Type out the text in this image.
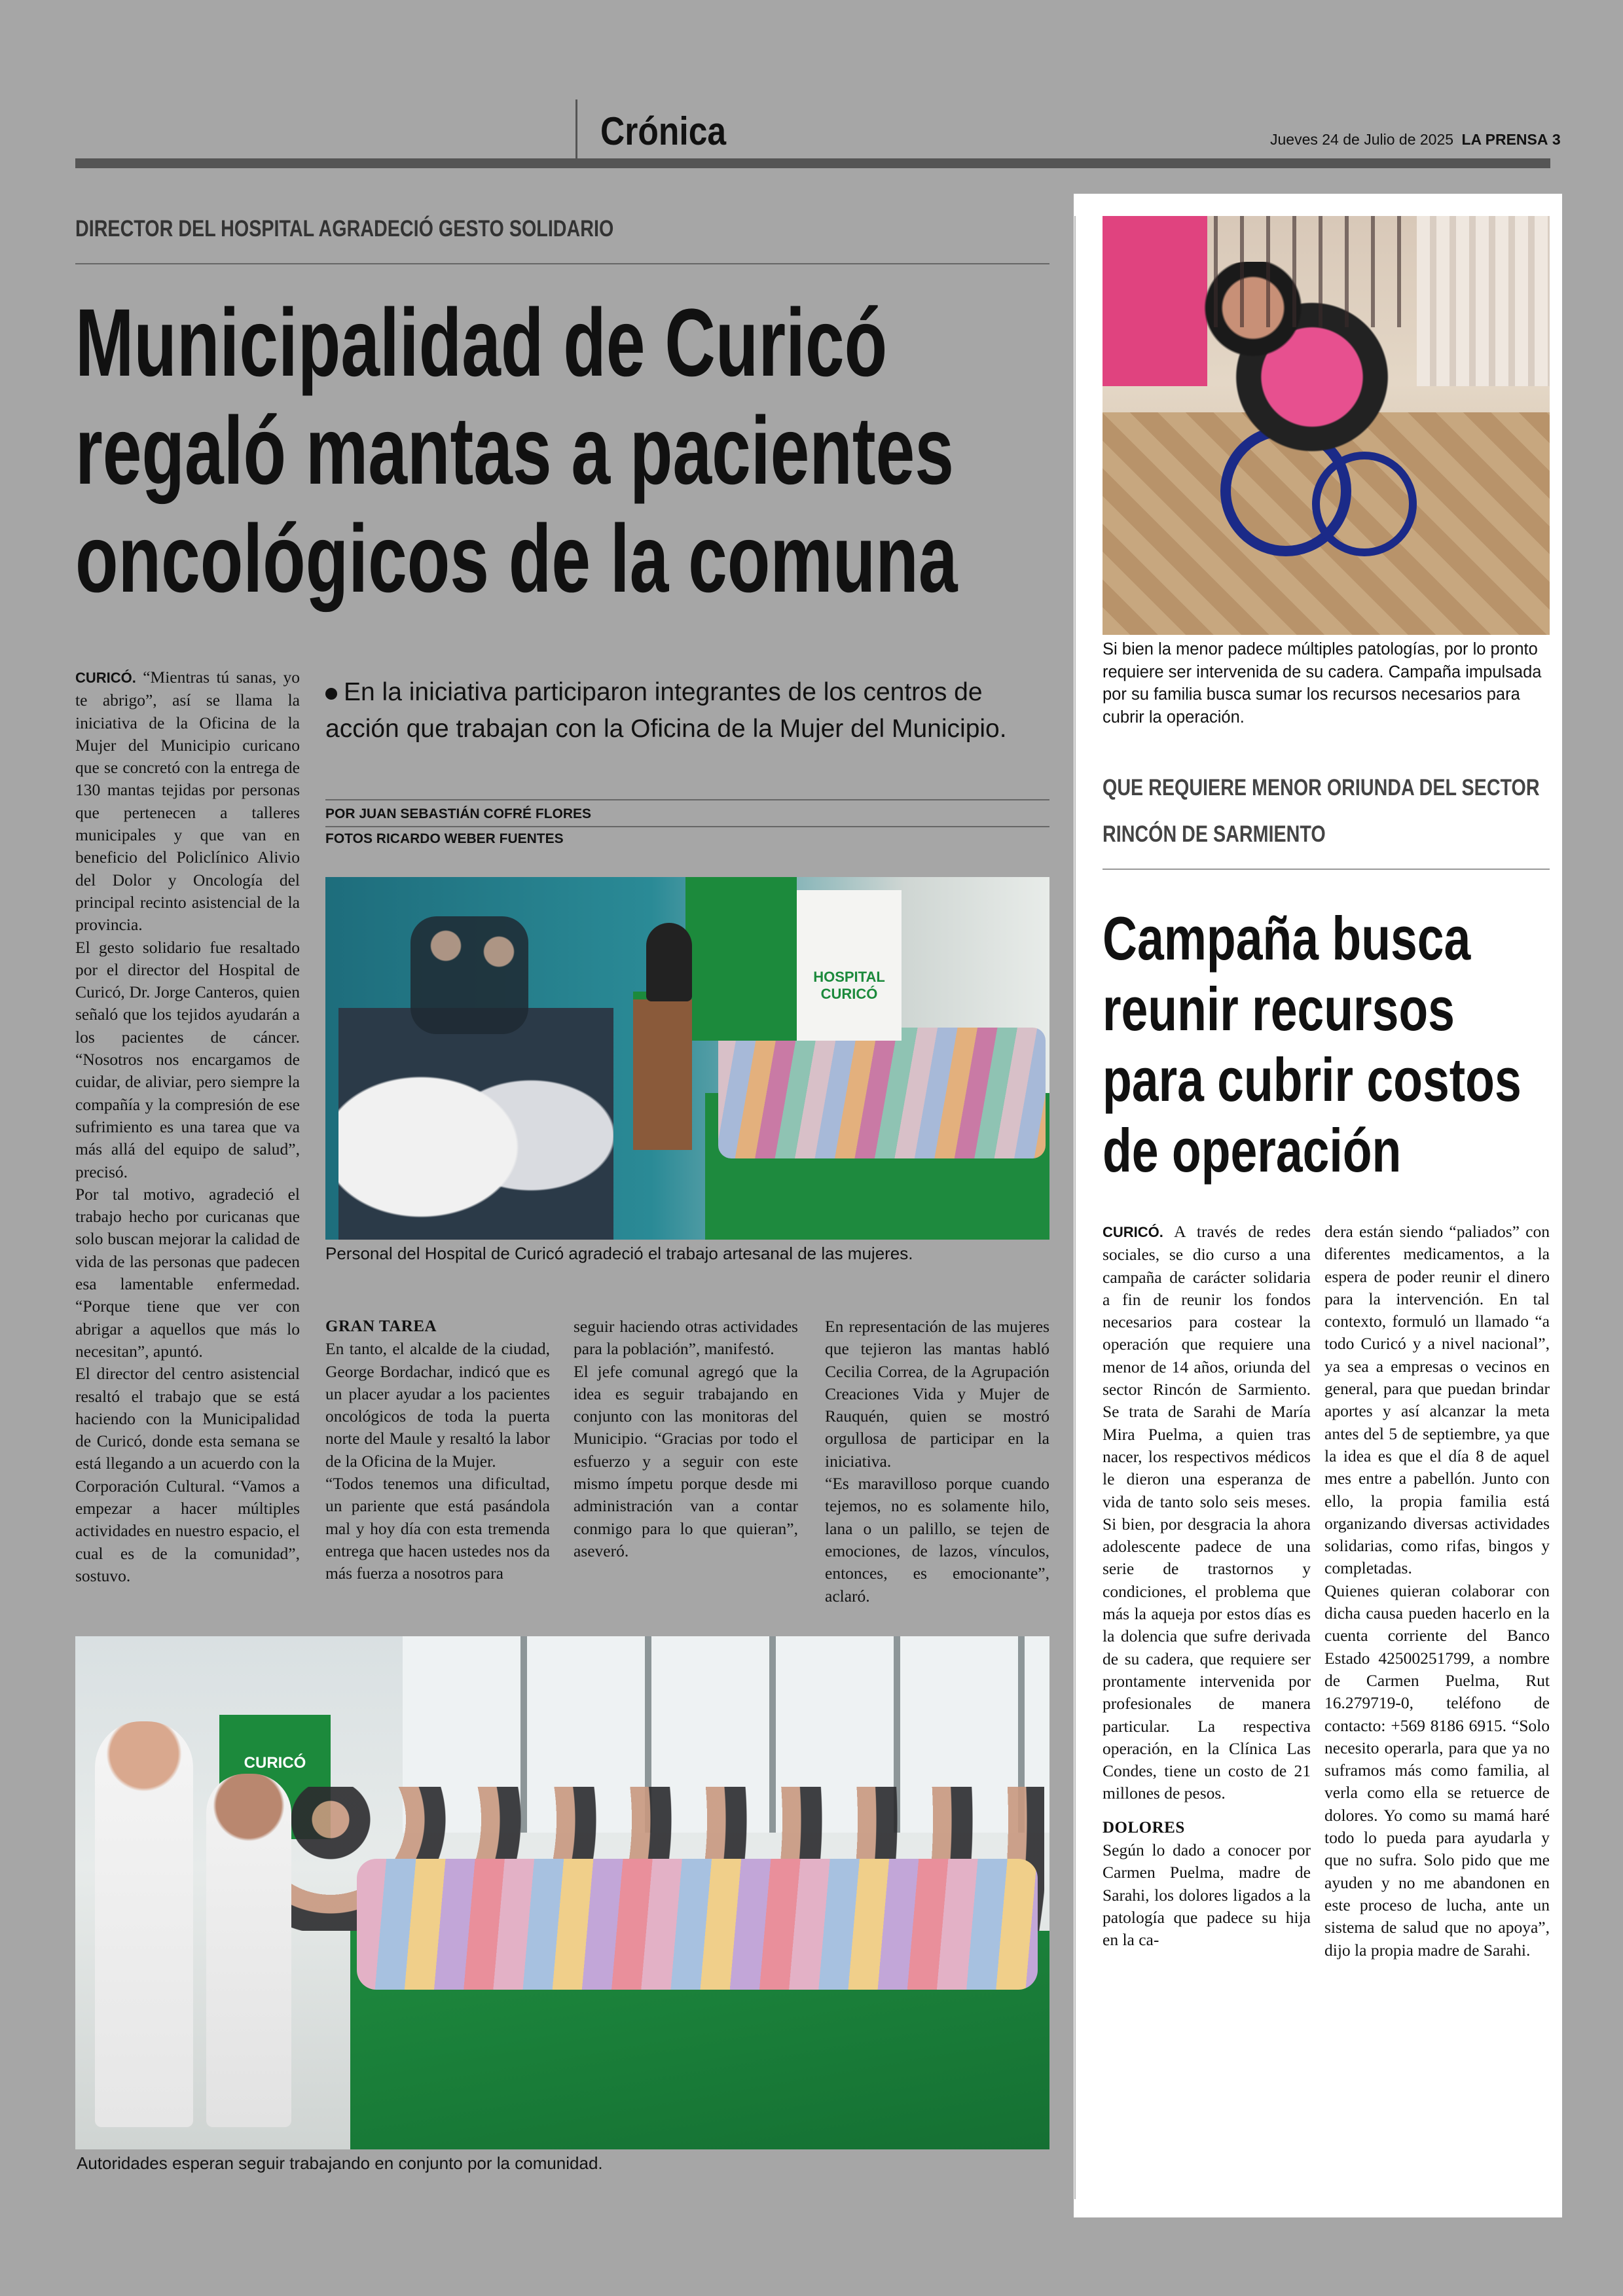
Crónica	Jueves 24 de Julio de 2025 LA PRENSA 3
DIRECTOR DEL HOSPITAL AGRADECIÓ GESTO SOLIDARIO
Municipalidad de Curicó
regaló mantas a pacientes
oncológicos de la comuna
En la iniciativa participaron integrantes de los centros de acción que trabajan con la Oficina de la Mujer del Municipio.
POR JUAN SEBASTIÁN COFRÉ FLORES
FOTOS RICARDO WEBER FUENTES

CURICÓ. “Mientras tú sanas, yo te abrigo”, así se llama la iniciativa de la Oficina de la Mujer del Municipio curicano que se concretó con la entrega de 130 mantas tejidas por personas que pertenecen a talleres municipales y que van en beneficio del Policlínico Alivio del Dolor y Oncología del principal recinto asistencial de la provincia.

El gesto solidario fue resaltado por el director del Hospital de Curicó, Dr. Jorge Canteros, quien señaló que los tejidos ayudarán a los pacientes de cáncer. “Nosotros nos encargamos de cuidar, de aliviar, pero siempre la compañía y la compresión de ese sufrimiento es una tarea que va más allá del equipo de salud”, precisó.

Por tal motivo, agradeció el trabajo hecho por curicanas que solo buscan mejorar la calidad de vida de las personas que padecen esa lamentable enfermedad. “Porque tiene que ver con abrigar a aquellos que más lo necesitan”, apuntó.

El director del centro asistencial resaltó el trabajo que se está haciendo con la Municipalidad de Curicó, donde esta semana se está llegando a un acuerdo con la Corporación Cultural. “Vamos a empezar a hacer múltiples actividades en nuestro espacio, el cual es de la comunidad”, sostuvo.

HOSPITAL CURICÓ
Personal del Hospital de Curicó agradeció el trabajo artesanal de las mujeres.

GRAN TAREA

En tanto, el alcalde de la ciudad, George Bordachar, indicó que es un placer ayudar a los pacientes oncológicos de toda la puerta norte del Maule y resaltó la labor de la Oficina de la Mujer.

“Todos tenemos una dificultad, un pariente que está pasándola mal y hoy día con esta tremenda entrega que hacen ustedes nos da más fuerza a nosotros para

seguir haciendo otras actividades para la población”, manifestó.

El jefe comunal agregó que la idea es seguir trabajando en conjunto con las monitoras del Municipio. “Gracias por todo el esfuerzo y a seguir con este mismo ímpetu porque desde mi administración van a contar conmigo para lo que quieran”, aseveró.

En representación de las mujeres que tejieron las mantas habló Cecilia Correa, de la Agrupación Creaciones Vida y Mujer de Rauquén, quien se mostró orgullosa de participar en la iniciativa.

“Es maravilloso porque cuando tejemos, no es solamente hilo, lana o un palillo, se tejen de emociones, de lazos, vínculos, entonces, es emocionante”, aclaró.

CURICÓ
Autoridades esperan seguir trabajando en conjunto por la comunidad.
Si bien la menor padece múltiples patologías, por lo pronto requiere ser intervenida de su cadera. Campaña impulsada por su familia busca sumar los recursos necesarios para cubrir la operación.
QUE REQUIERE MENOR ORIUNDA DEL SECTOR
RINCÓN DE SARMIENTO
Campaña busca
reunir recursos
para cubrir costos
de operación

CURICÓ. A través de redes sociales, se dio curso a una campaña de carácter solidaria a fin de reunir los fondos necesarios para costear la operación que requiere una menor de 14 años, oriunda del sector Rincón de Sarmiento. Se trata de Sarahi de María Mira Puelma, a quien tras nacer, los respectivos médicos le dieron una esperanza de vida de tanto solo seis meses. Si bien, por desgracia la ahora adolescente padece de una serie de trastornos y condiciones, el problema que más la aqueja por estos días es la dolencia que sufre derivada de su cadera, que requiere ser prontamente intervenida por profesionales de manera particular. La respectiva operación, en la Clínica Las Condes, tiene un costo de 21 millones de pesos.

DOLORES

Según lo dado a conocer por Carmen Puelma, madre de Sarahi, los dolores ligados a la patología que padece su hija en la ca-

dera están siendo “paliados” con diferentes medicamentos, a la espera de poder reunir el dinero para la intervención. En tal contexto, formuló un llamado “a todo Curicó y a nivel nacional”, ya sea a empresas o vecinos en general, para que puedan brindar aportes y así alcanzar la meta antes del 5 de septiembre, ya que la idea es que el día 8 de aquel mes entre a pabellón. Junto con ello, la propia familia está organizando diversas actividades solidarias, como rifas, bingos y completadas.

Quienes quieran colaborar con dicha causa pueden hacerlo en la cuenta corriente del Banco Estado 42500251799, a nombre de Carmen Puelma, Rut 16.279719-0, teléfono de contacto: +569 8186 6915. “Solo necesito operarla, para que ya no suframos más como familia, al verla como ella se retuerce de dolores. Yo como su mamá haré todo lo pueda para ayudarla y que no sufra. Solo pido que me ayuden y no me abandonen en este proceso de lucha, ante un sistema de salud que no apoya”, dijo la propia madre de Sarahi.
